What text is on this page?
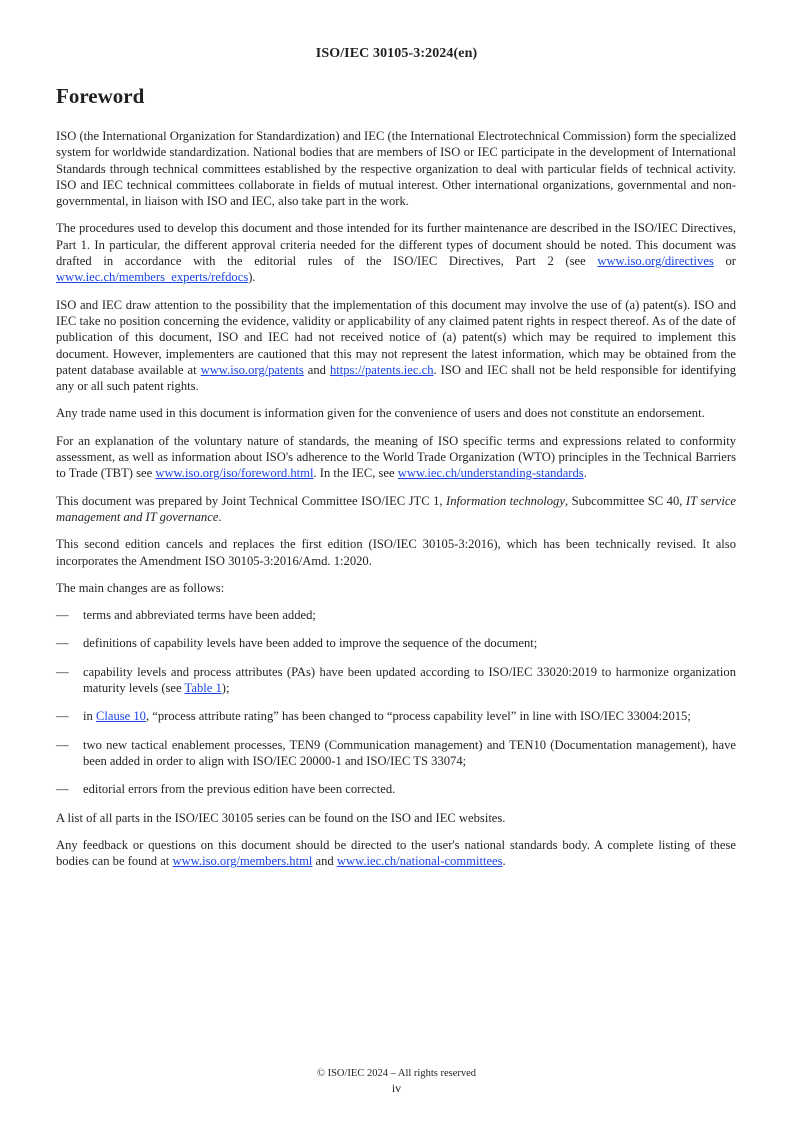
ISO/IEC 30105-3:2024(en)
Foreword

ISO (the International Organization for Standardization) and IEC (the International Electrotechnical Commission) form the specialized system for worldwide standardization. National bodies that are members of ISO or IEC participate in the development of International Standards through technical committees established by the respective organization to deal with particular fields of technical activity. ISO and IEC technical committees collaborate in fields of mutual interest. Other international organizations, governmental and non-governmental, in liaison with ISO and IEC, also take part in the work.

The procedures used to develop this document and those intended for its further maintenance are described in the ISO/IEC Directives, Part 1. In particular, the different approval criteria needed for the different types of document should be noted. This document was drafted in accordance with the editorial rules of the ISO/IEC Directives, Part 2 (see www.iso.org/directives or www.iec.ch/members_experts/refdocs).

ISO and IEC draw attention to the possibility that the implementation of this document may involve the use of (a) patent(s). ISO and IEC take no position concerning the evidence, validity or applicability of any claimed patent rights in respect thereof. As of the date of publication of this document, ISO and IEC had not received notice of (a) patent(s) which may be required to implement this document. However, implementers are cautioned that this may not represent the latest information, which may be obtained from the patent database available at www.iso.org/patents and https://patents.iec.ch. ISO and IEC shall not be held responsible for identifying any or all such patent rights.

Any trade name used in this document is information given for the convenience of users and does not constitute an endorsement.

For an explanation of the voluntary nature of standards, the meaning of ISO specific terms and expressions related to conformity assessment, as well as information about ISO's adherence to the World Trade Organization (WTO) principles in the Technical Barriers to Trade (TBT) see www.iso.org/iso/foreword.html. In the IEC, see www.iec.ch/understanding-standards.

This document was prepared by Joint Technical Committee ISO/IEC JTC 1, Information technology, Subcommittee SC 40, IT service management and IT governance.

This second edition cancels and replaces the first edition (ISO/IEC 30105-3:2016), which has been technically revised. It also incorporates the Amendment ISO 30105-3:2016/Amd. 1:2020.

The main changes are as follows:

— terms and abbreviated terms have been added;
— definitions of capability levels have been added to improve the sequence of the document;
— capability levels and process attributes (PAs) have been updated according to ISO/IEC 33020:2019 to harmonize organization maturity levels (see Table 1);
— in Clause 10, “process attribute rating” has been changed to “process capability level” in line with ISO/IEC 33004:2015;
— two new tactical enablement processes, TEN9 (Communication management) and TEN10 (Documentation management), have been added in order to align with ISO/IEC 20000-1 and ISO/IEC TS 33074;
— editorial errors from the previous edition have been corrected.

A list of all parts in the ISO/IEC 30105 series can be found on the ISO and IEC websites.

Any feedback or questions on this document should be directed to the user's national standards body. A complete listing of these bodies can be found at www.iso.org/members.html and www.iec.ch/national-committees.

© ISO/IEC 2024 – All rights reserved
iv
